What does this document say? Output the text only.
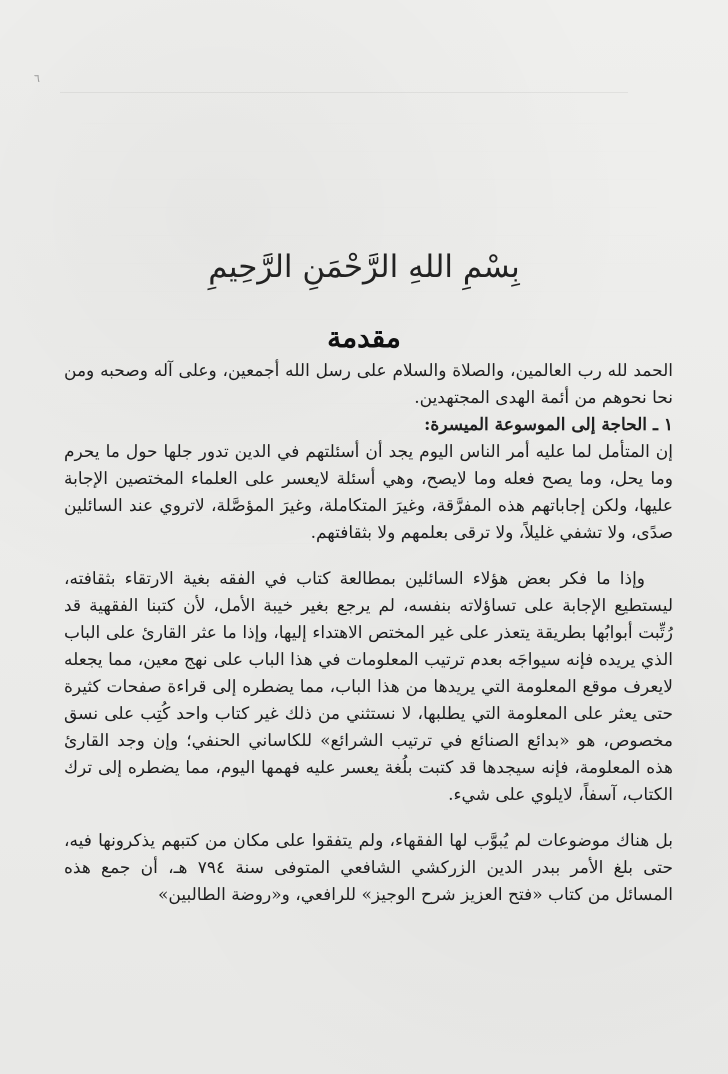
٦
بِسْمِ اللهِ الرَّحْمَنِ الرَّحِيمِ
مقدمة

الحمد لله رب العالمين، والصلاة والسلام على رسل الله أجمعين، وعلى آله وصحبه ومن نحا نحوهم من أئمة الهدى المجتهدين.

١ ـ الحاجة إلى الموسوعة الميسرة:

إن المتأمل لما عليه أمر الناس اليوم يجد أن أسئلتهم في الدين تدور جلها حول ما يحرم وما يحل، وما يصح فعله وما لايصح، وهي أسئلة لايعسر على العلماء المختصين الإجابة عليها، ولكن إجاباتهم هذه المفرَّقة، وغيرَ المتكاملة، وغيرَ المؤصَّلة، لاتروي عند السائلين صدًى، ولا تشفي غليلاً، ولا ترقى بعلمهم ولا بثقافتهم.

وإذا ما فكر بعض هؤلاء السائلين بمطالعة كتاب في الفقه بغية الارتقاء بثقافته، ليستطيع الإجابة على تساؤلاته بنفسه، لم يرجع بغير خيبة الأمل، لأن كتبنا الفقهية قد رُتِّبت أبوابُها بطريقة يتعذر على غير المختص الاهتداء إليها، وإذا ما عثر القارئ على الباب الذي يريده فإنه سيواجَه بعدم ترتيب المعلومات في هذا الباب على نهج معين، مما يجعله لايعرف موقع المعلومة التي يريدها من هذا الباب، مما يضطره إلى قراءة صفحات كثيرة حتى يعثر على المعلومة التي يطلبها، لا نستثني من ذلك غير كتاب واحد كُتِب على نسق مخصوص، هو «بدائع الصنائع في ترتيب الشرائع» للكاساني الحنفي؛ وإن وجد القارئ هذه المعلومة، فإنه سيجدها قد كتبت بلُغة يعسر عليه فهمها اليوم، مما يضطره إلى ترك الكتاب، آسفاً، لايلوي على شيء.

بل هناك موضوعات لم يُبوَّب لها الفقهاء، ولم يتفقوا على مكان من كتبهم يذكرونها فيه، حتى بلغ الأمر ببدر الدين الزركشي الشافعي المتوفى سنة ٧٩٤ هـ، أن جمع هذه المسائل من كتاب «فتح العزيز شرح الوجيز» للرافعي، و«روضة الطالبين»
